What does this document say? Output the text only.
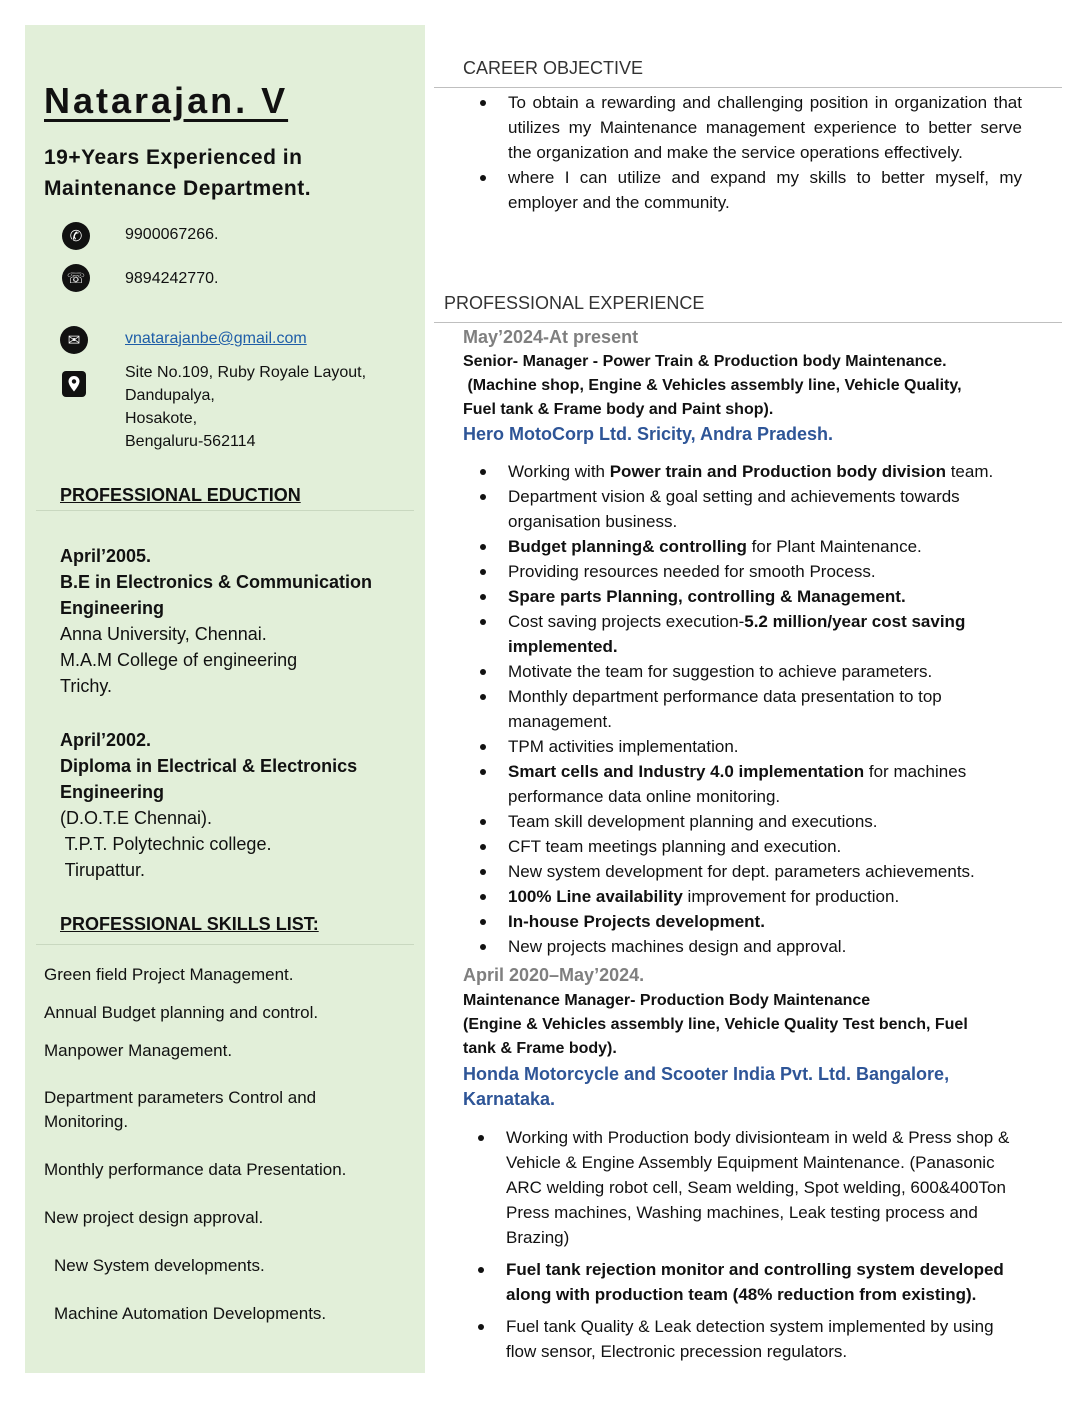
Natarajan. V
19+Years Experienced in
Maintenance Department.
✆	9900067266.
☏ 9894242770.
✉	vnatarajanbe@gmail.com
Site No.109, Ruby Royale Layout,
Dandupalya,
Hosakote,
Bengaluru-562114
PROFESSIONAL EDUCTION
April’2005.
B.E in Electronics & Communication
Engineering
Anna University, Chennai.
M.A.M College of engineering
Trichy.
April’2002.
Diploma in Electrical & Electronics
Engineering
(D.O.T.E Chennai).
T.P.T. Polytechnic college.
Tirupattur.
PROFESSIONAL SKILLS LIST:
Green field Project Management.
Annual Budget planning and control.
Manpower Management.
Department parameters Control and Monitoring.
Monthly performance data Presentation.
New project design approval.
New System developments.
Machine Automation Developments.
CAREER OBJECTIVE
To obtain a rewarding and challenging position in organization that utilizes my Maintenance management experience to better serve the organization and make the service operations effectively.
where I can utilize and expand my skills to better myself, my employer and the community.
PROFESSIONAL EXPERIENCE
May’2024-At present
Senior- Manager - Power Train & Production body Maintenance.
(Machine shop, Engine & Vehicles assembly line, Vehicle Quality,
Fuel tank & Frame body and Paint shop).
Hero MotoCorp Ltd. Sricity, Andra Pradesh.
Working with Power train and Production body division team.
Department vision & goal setting and achievements towards organisation business.
Budget planning& controlling for Plant Maintenance.
Providing resources needed for smooth Process.
Spare parts Planning, controlling & Management.
Cost saving projects execution-5.2 million/year cost saving implemented.
Motivate the team for suggestion to achieve parameters.
Monthly department performance data presentation to top management.
TPM activities implementation.
Smart cells and Industry 4.0 implementation for machines performance data online monitoring.
Team skill development planning and executions.
CFT team meetings planning and execution.
New system development for dept. parameters achievements.
100% Line availability improvement for production.
In-house Projects development.
New projects machines design and approval.
April 2020–May’2024.
Maintenance Manager- Production Body Maintenance
(Engine & Vehicles assembly line, Vehicle Quality Test bench, Fuel
tank & Frame body).
Honda Motorcycle and Scooter India Pvt. Ltd. Bangalore,
Karnataka.
Working with Production body divisionteam in weld & Press shop & Vehicle & Engine Assembly Equipment Maintenance. (Panasonic ARC welding robot cell, Seam welding, Spot welding, 600&400Ton Press machines, Washing machines, Leak testing process and Brazing)
Fuel tank rejection monitor and controlling system developed along with production team (48% reduction from existing).
Fuel tank Quality & Leak detection system implemented by using flow sensor, Electronic precession regulators.
